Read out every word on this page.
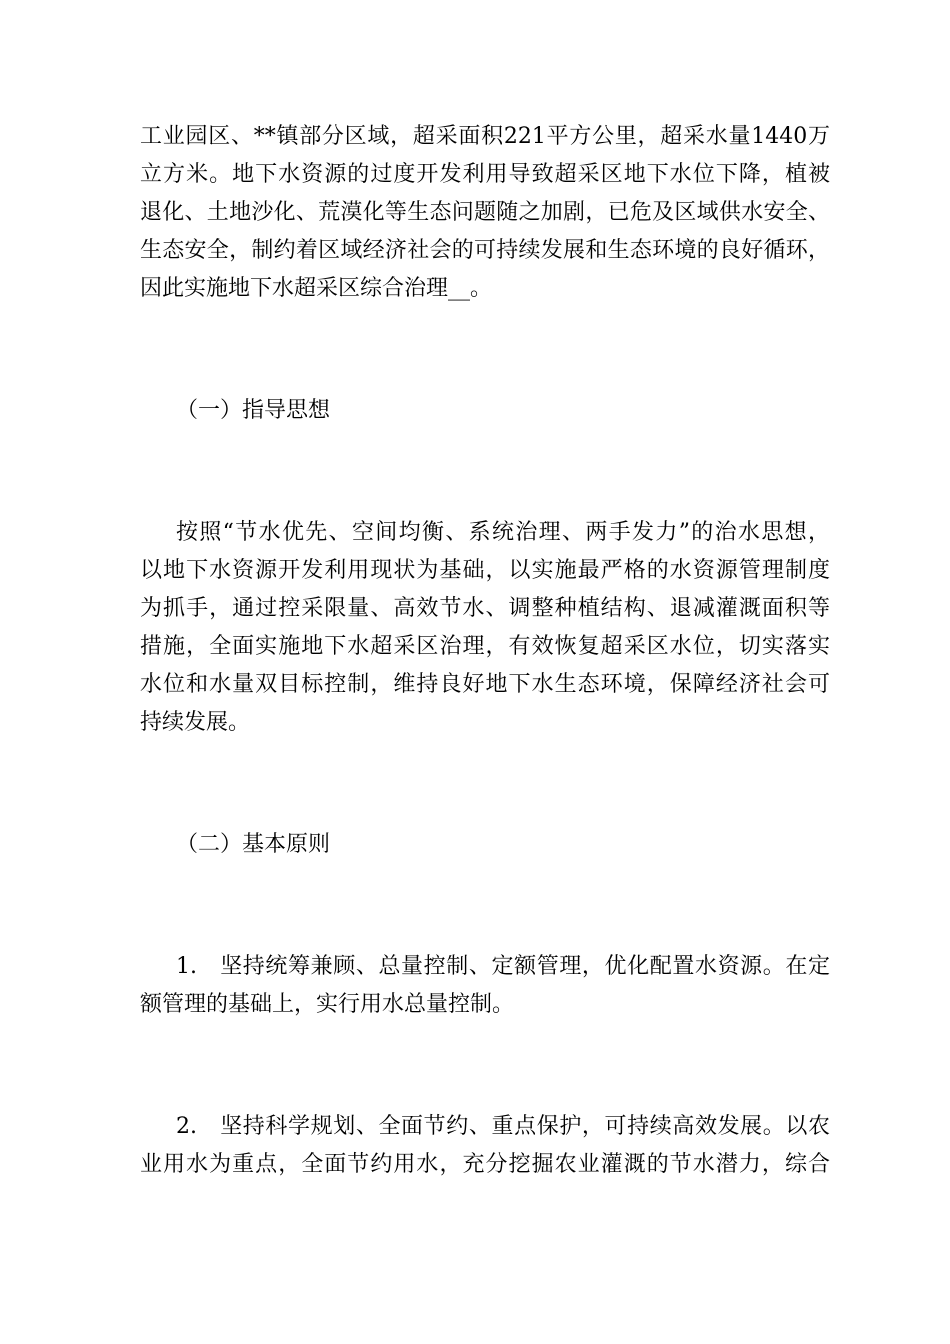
工业园区、**镇部分区域，超采面积221平方公里，超采水量1440万
立方米。地下水资源的过度开发利用导致超采区地下水位下降，植被
退化、土地沙化、荒漠化等生态问题随之加剧，已危及区域供水安全、
生态安全，制约着区域经济社会的可持续发展和生态环境的良好循环，
因此实施地下水超采区综合治理__。

（一）指导思想

按照“节水优先、空间均衡、系统治理、两手发力”的治水思想，
以地下水资源开发利用现状为基础，以实施最严格的水资源管理制度
为抓手，通过控采限量、高效节水、调整种植结构、退减灌溉面积等
措施，全面实施地下水超采区治理，有效恢复超采区水位，切实落实
水位和水量双目标控制，维持良好地下水生态环境，保障经济社会可
持续发展。

（二）基本原则

1.　坚持统筹兼顾、总量控制、定额管理，优化配置水资源。在定
额管理的基础上，实行用水总量控制。

2.　坚持科学规划、全面节约、重点保护，可持续高效发展。以农
业用水为重点，全面节约用水，充分挖掘农业灌溉的节水潜力，综合
